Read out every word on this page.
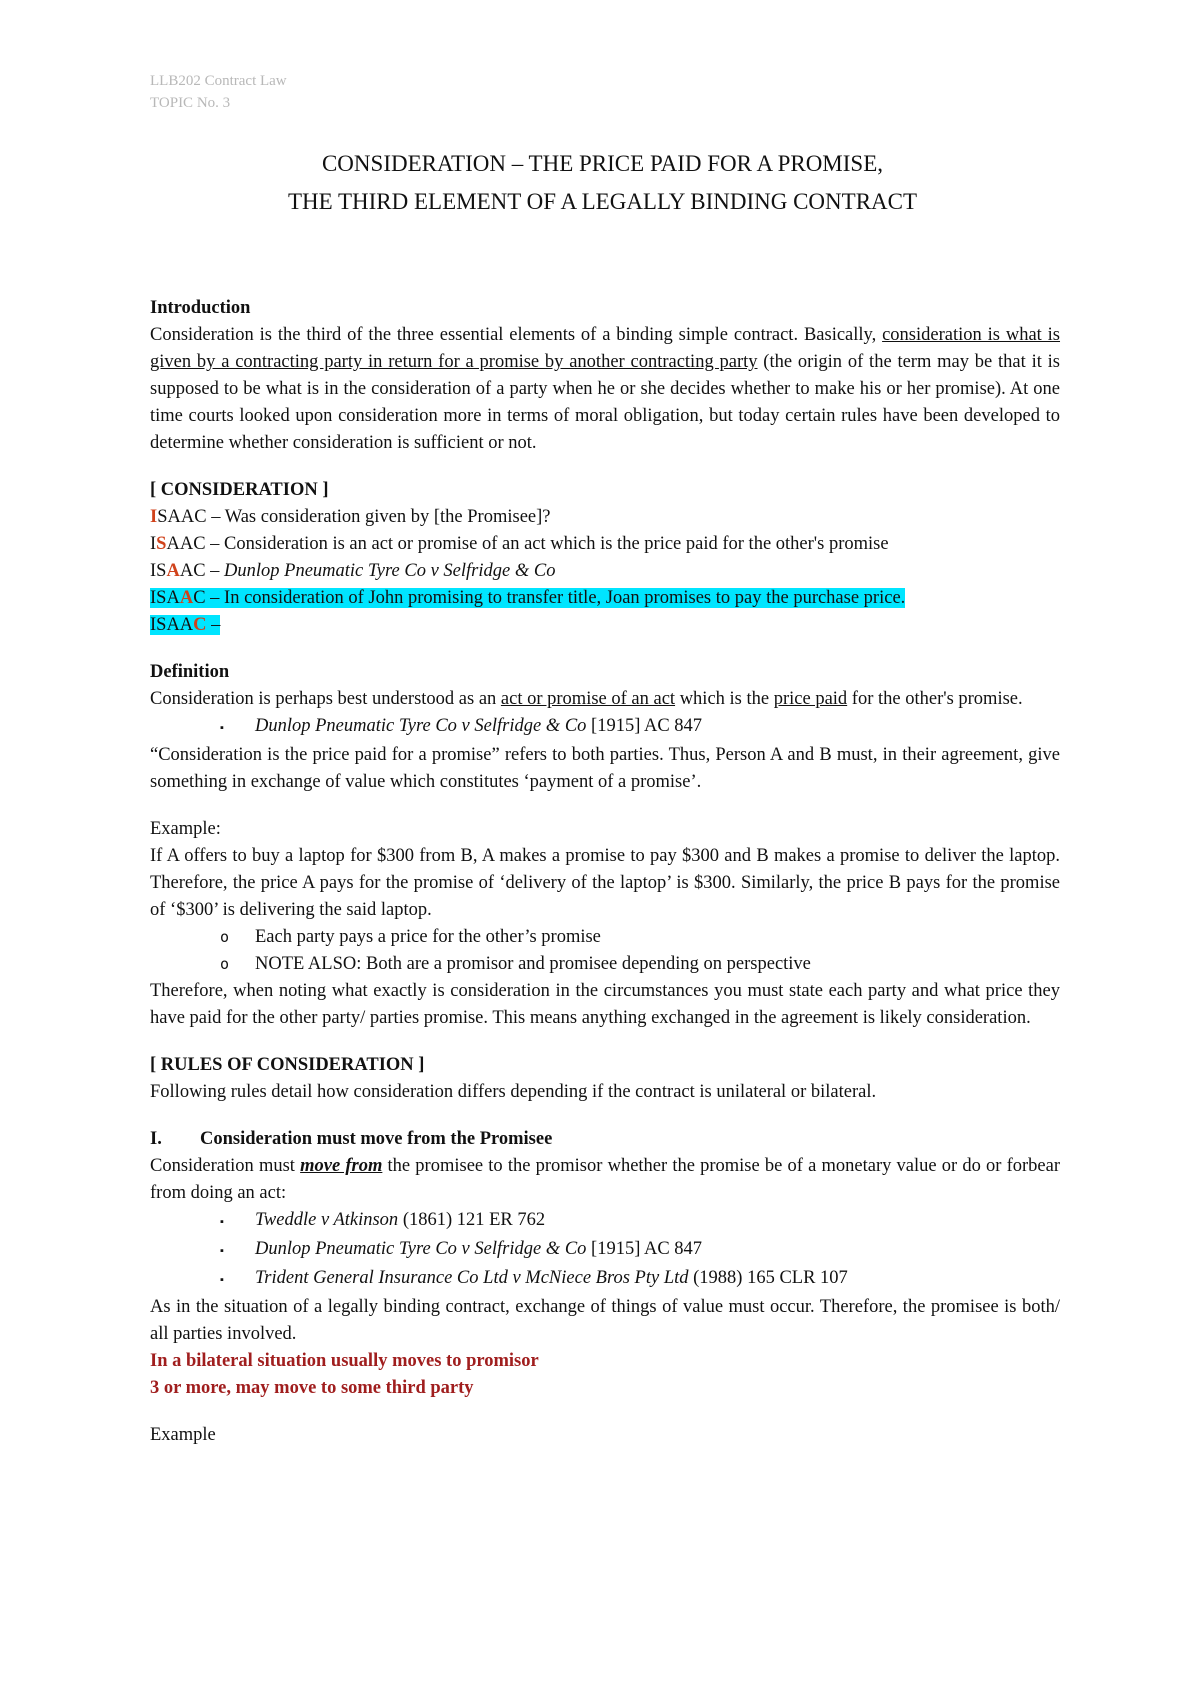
LLB202 Contract Law
TOPIC No. 3
CONSIDERATION – THE PRICE PAID FOR A PROMISE,
THE THIRD ELEMENT OF A LEGALLY BINDING CONTRACT

Introduction

Consideration is the third of the three essential elements of a binding simple contract. Basically, consideration is what is given by a contracting party in return for a promise by another contracting party (the origin of the term may be that it is supposed to be what is in the consideration of a party when he or she decides whether to make his or her promise). At one time courts looked upon consideration more in terms of moral obligation, but today certain rules have been developed to determine whether consideration is sufficient or not.

[ CONSIDERATION ]

ISAAC – Was consideration given by [the Promisee]?
ISAAC – Consideration is an act or promise of an act which is the price paid for the other's promise
ISAAC – Dunlop Pneumatic Tyre Co v Selfridge & Co
ISAAC – In consideration of John promising to transfer title, Joan promises to pay the purchase price.
ISAAC –

Definition

Consideration is perhaps best understood as an act or promise of an act which is the price paid for the other's promise.

▪	Dunlop Pneumatic Tyre Co v Selfridge & Co [1915] AC 847

“Consideration is the price paid for a promise” refers to both parties. Thus, Person A and B must, in their agreement, give something in exchange of value which constitutes ‘payment of a promise’.

Example:

If A offers to buy a laptop for $300 from B, A makes a promise to pay $300 and B makes a promise to deliver the laptop. Therefore, the price A pays for the promise of ‘delivery of the laptop’ is $300. Similarly, the price B pays for the promise of ‘$300’ is delivering the said laptop.

o	Each party pays a price for the other’s promise
o	NOTE ALSO: Both are a promisor and promisee depending on perspective

Therefore, when noting what exactly is consideration in the circumstances you must state each party and what price they have paid for the other party/ parties promise. This means anything exchanged in the agreement is likely consideration.

[ RULES OF CONSIDERATION ]

Following rules detail how consideration differs depending if the contract is unilateral or bilateral.

I.	Consideration must move from the Promisee

Consideration must move from the promisee to the promisor whether the promise be of a monetary value or do or forbear from doing an act:

▪	Tweddle v Atkinson (1861) 121 ER 762
▪	Dunlop Pneumatic Tyre Co v Selfridge & Co [1915] AC 847
▪	Trident General Insurance Co Ltd v McNiece Bros Pty Ltd (1988) 165 CLR 107

As in the situation of a legally binding contract, exchange of things of value must occur. Therefore, the promisee is both/ all parties involved.

In a bilateral situation usually moves to promisor

3 or more, may move to some third party

Example
